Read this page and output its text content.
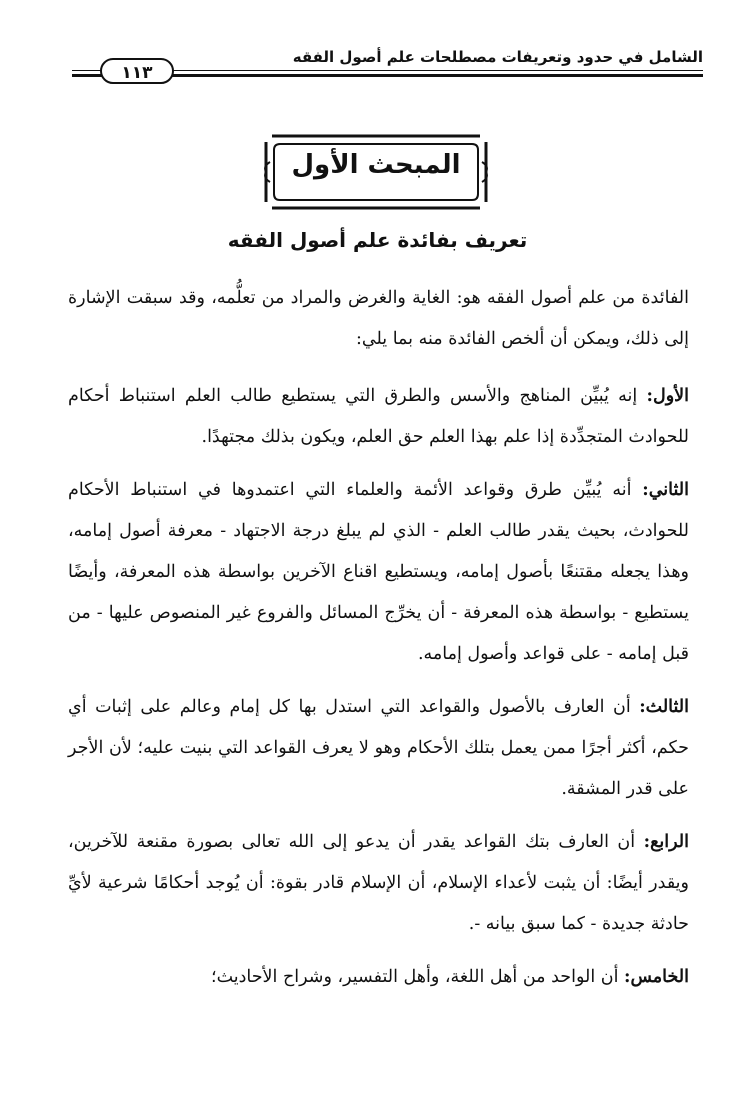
الشامل في حدود وتعريفات مصطلحات علم أصول الفقه
١١٣
المبحث الأول
تعريف بفائدة علم أصول الفقه

الفائدة من علم أصول الفقه هو: الغاية والغرض والمراد من تعلُّمه، وقد سبقت الإشارة إلى ذلك، ويمكن أن ألخص الفائدة منه بما يلي:

الأول: إنه يُبيِّن المناهج والأسس والطرق التي يستطيع طالب العلم استنباط أحكام للحوادث المتجدِّدة إذا علم بهذا العلم حق العلم، ويكون بذلك مجتهدًا.

الثاني: أنه يُبيِّن طرق وقواعد الأئمة والعلماء التي اعتمدوها في استنباط الأحكام للحوادث، بحيث يقدر طالب العلم - الذي لم يبلغ درجة الاجتهاد - معرفة أصول إمامه، وهذا يجعله مقتنعًا بأصول إمامه، ويستطيع اقناع الآخرين بواسطة هذه المعرفة، وأيضًا يستطيع - بواسطة هذه المعرفة - أن يخرِّج المسائل والفروع غير المنصوص عليها - من قبل إمامه - على قواعد وأصول إمامه.

الثالث: أن العارف بالأصول والقواعد التي استدل بها كل إمام وعالم على إثبات أي حكم، أكثر أجرًا ممن يعمل بتلك الأحكام وهو لا يعرف القواعد التي بنيت عليه؛ لأن الأجر على قدر المشقة.

الرابع: أن العارف بتك القواعد يقدر أن يدعو إلى الله تعالى بصورة مقنعة للآخرين، ويقدر أيضًا: أن يثبت لأعداء الإسلام، أن الإسلام قادر بقوة: أن يُوجد أحكامًا شرعية لأيِّ حادثة جديدة - كما سبق بيانه -.

الخامس: أن الواحد من أهل اللغة، وأهل التفسير، وشراح الأحاديث؛
